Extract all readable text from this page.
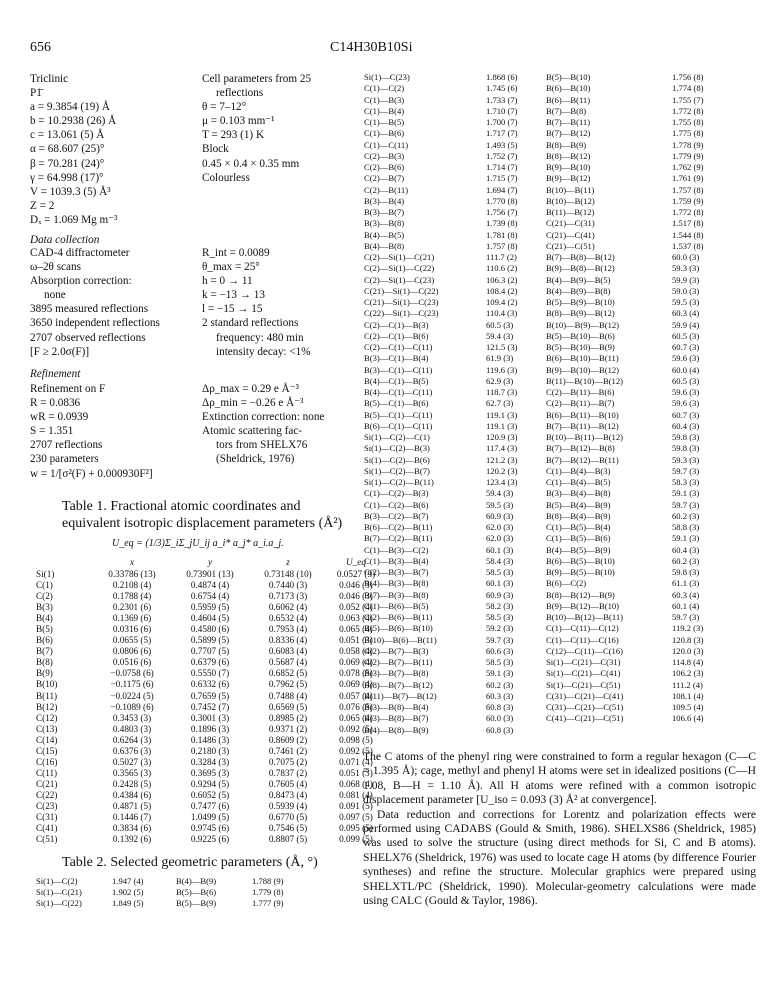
656	C14H30B10Si
Triclinic
P1̄
a = 9.3854 (19) Å
b = 10.2938 (26) Å
c = 13.061 (5) Å
α = 68.607 (25)°
β = 70.281 (24)°
γ = 64.998 (17)°
V = 1039.3 (5) Å³
Z = 2
Dₓ = 1.069 Mg m⁻³
Cell parameters from 25
reflections
θ = 7–12°
μ = 0.103 mm⁻¹
T = 293 (1) K
Block
0.45 × 0.4 × 0.35 mm
Colourless
Data collection
CAD-4 diffractometer
ω–2θ scans
Absorption correction:
none
3895 measured reflections
3650 independent reflections
2707 observed reflections
[F ≥ 2.0σ(F)]
R_int = 0.0089
θ_max = 25°
h = 0 → 11
k = −13 → 13
l = −15 → 15
2 standard reflections
frequency: 480 min
intensity decay: <1%
Refinement
Refinement on F
R = 0.0836
wR = 0.0939
S = 1.351
2707 reflections
230 parameters
w = 1/[σ²(F) + 0.000930F²]
Δρ_max = 0.29 e Å⁻³
Δρ_min = −0.26 e Å⁻³
Extinction correction: none
Atomic scattering fac-
tors from SHELX76
(Sheldrick, 1976)
Table 1. Fractional atomic coordinates and equivalent isotropic displacement parameters (Å²)
U_eq = (1/3)Σ_iΣ_jU_ij a_i* a_j* a_i.a_j.
	x	y	z	U_eq
Si(1)	0.33786 (13)	0.73901 (13)	0.73148 (10)	0.0527 (9)
C(1)	0.2108 (4)	0.4874 (4)	0.7440 (3)	0.046 (3)
C(2)	0.1788 (4)	0.6754 (4)	0.7173 (3)	0.046 (3)
B(3)	0.2301 (6)	0.5959 (5)	0.6062 (4)	0.052 (4)
B(4)	0.1369 (6)	0.4604 (5)	0.6532 (4)	0.063 (4)
B(5)	0.0316 (6)	0.4580 (6)	0.7953 (4)	0.065 (4)
B(6)	0.0655 (5)	0.5899 (5)	0.8336 (4)	0.051 (3)
B(7)	0.0806 (6)	0.7707 (5)	0.6083 (4)	0.058 (4)
B(8)	0.0516 (6)	0.6379 (6)	0.5687 (4)	0.069 (4)
B(9)	−0.0758 (6)	0.5550 (7)	0.6852 (5)	0.078 (5)
B(10)	−0.1175 (6)	0.6332 (6)	0.7962 (5)	0.069 (4)
B(11)	−0.0224 (5)	0.7659 (5)	0.7488 (4)	0.057 (4)
B(12)	−0.1089 (6)	0.7452 (7)	0.6569 (5)	0.076 (5)
C(12)	0.3453 (3)	0.3001 (3)	0.8985 (2)	0.065 (4)
C(13)	0.4803 (3)	0.1896 (3)	0.9371 (2)	0.092 (5)
C(14)	0.6264 (3)	0.1486 (3)	0.8609 (2)	0.098 (5)
C(15)	0.6376 (3)	0.2180 (3)	0.7461 (2)	0.092 (5)
C(16)	0.5027 (3)	0.3284 (3)	0.7075 (2)	0.071 (4)
C(11)	0.3565 (3)	0.3695 (3)	0.7837 (2)	0.051 (3)
C(21)	0.2428 (5)	0.9294 (5)	0.7605 (4)	0.068 (4)
C(22)	0.4384 (6)	0.6052 (5)	0.8473 (4)	0.081 (4)
C(23)	0.4871 (5)	0.7477 (6)	0.5939 (4)	0.091 (5)
C(31)	0.1446 (7)	1.0499 (5)	0.6770 (5)	0.097 (5)
C(41)	0.3834 (6)	0.9745 (6)	0.7546 (5)	0.095 (5)
C(51)	0.1392 (6)	0.9225 (6)	0.8807 (5)	0.099 (5)
Table 2. Selected geometric parameters (Å, °)
Si(1)—C(2)	1.947 (4)	B(4)—B(9)	1.788 (9)
Si(1)—C(21)	1.902 (5)	B(5)—B(6)	1.779 (8)
Si(1)—C(22)	1.849 (5)	B(5)—B(9)	1.777 (9)
Si(1)—C(23)	1.868 (6)
C(1)—C(2)	1.745 (6)
C(1)—B(3)	1.733 (7)
C(1)—B(4)	1.710 (7)
C(1)—B(5)	1.700 (7)
C(1)—B(6)	1.717 (7)
C(1)—C(11)	1.493 (5)
C(2)—B(3)	1.752 (7)
C(2)—B(6)	1.714 (7)
C(2)—B(7)	1.715 (7)
C(2)—B(11)	1.694 (7)
B(3)—B(4)	1.770 (8)
B(3)—B(7)	1.756 (7)
B(3)—B(8)	1.739 (8)
B(4)—B(5)	1.781 (8)
B(4)—B(8)	1.757 (8)
C(2)—Si(1)—C(21)	111.7 (2)
C(2)—Si(1)—C(22)	110.6 (2)
C(2)—Si(1)—C(23)	106.3 (2)
C(21)—Si(1)—C(22)	108.4 (2)
C(21)—Si(1)—C(23)	109.4 (2)
C(22)—Si(1)—C(23)	110.4 (3)
C(2)—C(1)—B(3)	60.5 (3)
C(2)—C(1)—B(6)	59.4 (3)
C(2)—C(1)—C(11)	121.5 (3)
B(3)—C(1)—B(4)	61.9 (3)
B(3)—C(1)—C(11)	119.6 (3)
B(4)—C(1)—B(5)	62.9 (3)
B(4)—C(1)—C(11)	118.7 (3)
B(5)—C(1)—B(6)	62.7 (3)
B(5)—C(1)—C(11)	119.1 (3)
B(6)—C(1)—C(11)	119.1 (3)
Si(1)—C(2)—C(1)	120.9 (3)
Si(1)—C(2)—B(3)	117.4 (3)
Si(1)—C(2)—B(6)	121.2 (3)
Si(1)—C(2)—B(7)	120.2 (3)
Si(1)—C(2)—B(11)	123.4 (3)
C(1)—C(2)—B(3)	59.4 (3)
C(1)—C(2)—B(6)	59.5 (3)
B(3)—C(2)—B(7)	60.9 (3)
B(6)—C(2)—B(11)	62.0 (3)
B(7)—C(2)—B(11)	62.0 (3)
C(1)—B(3)—C(2)	60.1 (3)
C(1)—B(3)—B(4)	58.4 (3)
C(2)—B(3)—B(7)	58.5 (3)
B(4)—B(3)—B(8)	60.1 (3)
B(7)—B(3)—B(8)	60.9 (3)
C(1)—B(6)—B(5)	58.2 (3)
C(2)—B(6)—B(11)	58.5 (3)
B(5)—B(6)—B(10)	59.2 (3)
B(10)—B(6)—B(11)	59.7 (3)
C(2)—B(7)—B(3)	60.6 (3)
C(2)—B(7)—B(11)	58.5 (3)
B(3)—B(7)—B(8)	59.1 (3)
B(8)—B(7)—B(12)	60.2 (3)
B(11)—B(7)—B(12)	60.3 (3)
B(3)—B(8)—B(4)	60.8 (3)
B(3)—B(8)—B(7)	60.0 (3)
B(4)—B(8)—B(9)	60.8 (3)
B(5)—B(10)	1.756 (8)
B(6)—B(10)	1.774 (8)
B(6)—B(11)	1.755 (7)
B(7)—B(8)	1.772 (8)
B(7)—B(11)	1.755 (8)
B(7)—B(12)	1.775 (8)
B(8)—B(9)	1.778 (9)
B(8)—B(12)	1.779 (9)
B(9)—B(10)	1.762 (9)
B(9)—B(12)	1.761 (9)
B(10)—B(11)	1.757 (8)
B(10)—B(12)	1.759 (9)
B(11)—B(12)	1.772 (8)
C(21)—C(31)	1.517 (8)
C(21)—C(41)	1.544 (8)
C(21)—C(51)	1.537 (8)
B(7)—B(8)—B(12)	60.0 (3)
B(9)—B(8)—B(12)	59.3 (3)
B(4)—B(9)—B(5)	59.9 (3)
B(4)—B(9)—B(8)	59.0 (3)
B(5)—B(9)—B(10)	59.5 (3)
B(8)—B(9)—B(12)	60.3 (4)
B(10)—B(9)—B(12)	59.9 (4)
B(5)—B(10)—B(6)	60.5 (3)
B(5)—B(10)—B(9)	60.7 (3)
B(6)—B(10)—B(11)	59.6 (3)
B(9)—B(10)—B(12)	60.0 (4)
B(11)—B(10)—B(12)	60.5 (3)
C(2)—B(11)—B(6)	59.6 (3)
C(2)—B(11)—B(7)	59.6 (3)
B(6)—B(11)—B(10)	60.7 (3)
B(7)—B(11)—B(12)	60.4 (3)
B(10)—B(11)—B(12)	59.8 (3)
B(7)—B(12)—B(8)	59.8 (3)
B(7)—B(12)—B(11)	59.3 (3)
C(1)—B(4)—B(3)	59.7 (3)
C(1)—B(4)—B(5)	58.3 (3)
B(3)—B(4)—B(8)	59.1 (3)
B(5)—B(4)—B(9)	59.7 (3)
B(8)—B(4)—B(9)	60.2 (3)
C(1)—B(5)—B(4)	58.8 (3)
C(1)—B(5)—B(6)	59.1 (3)
B(4)—B(5)—B(9)	60.4 (3)
B(6)—B(5)—B(10)	60.2 (3)
B(9)—B(5)—B(10)	59.8 (3)
B(6)—C(2)	61.1 (3)
B(8)—B(12)—B(9)	60.3 (4)
B(9)—B(12)—B(10)	60.1 (4)
B(10)—B(12)—B(11)	59.7 (3)
C(1)—C(11)—C(12)	119.2 (3)
C(1)—C(11)—C(16)	120.8 (3)
C(12)—C(11)—C(16)	120.0 (3)
Si(1)—C(21)—C(31)	114.8 (4)
Si(1)—C(21)—C(41)	106.2 (3)
Si(1)—C(21)—C(51)	111.2 (4)
C(31)—C(21)—C(41)	108.1 (4)
C(31)—C(21)—C(51)	109.5 (4)
C(41)—C(21)—C(51)	106.6 (4)

The C atoms of the phenyl ring were constrained to form a regular hexagon (C—C = 1.395 Å); cage, methyl and phenyl H atoms were set in idealized positions (C—H 1.08, B—H = 1.10 Å). All H atoms were refined with a common isotropic displacement parameter [U_iso = 0.093 (3) Å² at convergence].

Data reduction and corrections for Lorentz and polarization effects were performed using CADABS (Gould & Smith, 1986). SHELXS86 (Sheldrick, 1985) was used to solve the structure (using direct methods for Si, C and B atoms). SHELX76 (Sheldrick, 1976) was used to locate cage H atoms (by difference Fourier syntheses) and refine the structure. Molecular graphics were prepared using SHELXTL/PC (Sheldrick, 1990). Molecular-geometry calculations were made using CALC (Gould & Taylor, 1986).
